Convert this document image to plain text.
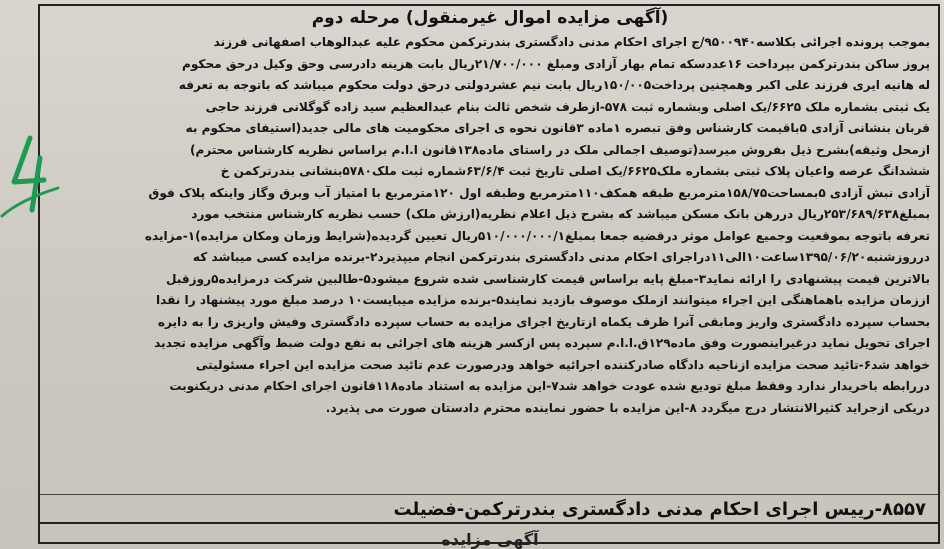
(آگهی مزایده اموال غیرمنقول) مرحله دوم
بموجب پرونده اجرائی بکلاسه۹۵۰۰۹۴۰/ج اجرای احکام مدنی دادگستری بندرترکمن محکوم علیه عبدالوهاب اصفهانی فرزند
پروز ساکن بندرترکمن بپرداخت ۱۶عددسکه تمام بهار آزادی ومبلغ ۲۱/۷۰۰/۰۰۰ریال بابت هزینه دادرسی وحق وکیل درحق محکوم
له هانیه ایری فرزند علی اکبر وهمچنین پرداخت۱۵۰/۰۰۵ریال بابت نیم عشردولتی درحق دولت محکوم میباشد که باتوجه به تعرفه
یک ثبتی بشماره ملک ۶۶۲۵/یک اصلی وبشماره ثبت ۵۷۸-ازطرف شخص ثالث بنام عبدالعظیم سید زاده گوگلانی فرزند حاجی
قربان بنشانی آزادی ۵باقیمت کارشناس وفق تبصره ۱ماده ۳قانون نحوه ی اجرای محکومیت های مالی جدید(استیفای محکوم به
ازمحل وثیقه)بشرح ذیل بفروش میرسد(توصیف اجمالی ملک در راستای ماده۱۳۸قانون ا.ا.م براساس نظریه کارشناس محترم)
ششدانگ عرصه واعیان پلاک ثبتی بشماره ملک۶۶۲۵/یک اصلی تاریخ ثبت ۶۳/۶/۴شماره ثبت ملک۵۷۸۰بنشانی بندرترکمن خ
آزادی نبش آزادی ۵بمساحت۱۵۸/۷۵مترمربع طبقه همکف۱۱۰مترمربع وطبقه اول ۱۲۰مترمربع با امتیاز آب وبرق وگاز واینکه پلاک فوق
بمبلغ۲۵۳/۶۸۹/۶۳۸ریال دررهن بانک مسکن میباشد که بشرح ذیل اعلام نظریه(ارزش ملک) حسب نظریه کارشناس منتخب مورد
تعرفه باتوجه بموقعیت وجمیع عوامل موثر درقضیه جمعا بمبلغ۵۱۰/۰۰۰/۰۰۰/۱ریال تعیین گردیده(شرایط وزمان ومکان مزایده)۱-مزایده
درروزشنبه۱۳۹۵/۰۶/۲۰ساعت۱۰الی۱۱دراجرای احکام مدنی دادگستری بندرترکمن انجام میپذیرد۲-برنده مزایده کسی میباشد که
بالاترین قیمت پیشنهادی را ارائه نماید۳-مبلغ پایه براساس قیمت کارشناسی شده شروع میشود۵-طالبین شرکت درمزایده۵روزقبل
اززمان مزایده باهماهنگی این اجراء میتوانند ازملک موصوف بازدید نمایند۵-برنده مزایده میبایست۱۰ درصد مبلغ مورد پیشنهاد را نقدا
بحساب سپرده دادگستری واریز ومابقی آنرا ظرف یکماه ازتاریخ اجرای مزایده به حساب سپرده دادگستری وفیش واریزی را به دایره
اجرای تحویل نماید درغیراینصورت وفق ماده۱۲۹ق.ا.ا.م سپرده پس ازکسر هزینه های اجرائی به نفع دولت ضبط وآگهی مزایده تجدید
خواهد شد۶-تائید صحت مزایده ازناحیه دادگاه صادرکننده اجرائیه خواهد ودرصورت عدم تائید صحت مزایده این اجراء مسئولیتی
دررابطه باخریدار ندارد وفقط مبلغ تودیع شده عودت خواهد شد۷-این مزایده به استناد ماده۱۱۸قانون اجرای احکام مدنی دریکنوبت
دریکی ازجراید کثیرالانتشار درج میگردد ۸-این مزایده با حضور نماینده محترم دادستان صورت می پذیرد.
۸۵۵۷-رییس اجرای احکام مدنی دادگستری بندرترکمن-فضیلت
آگهی مزایده
